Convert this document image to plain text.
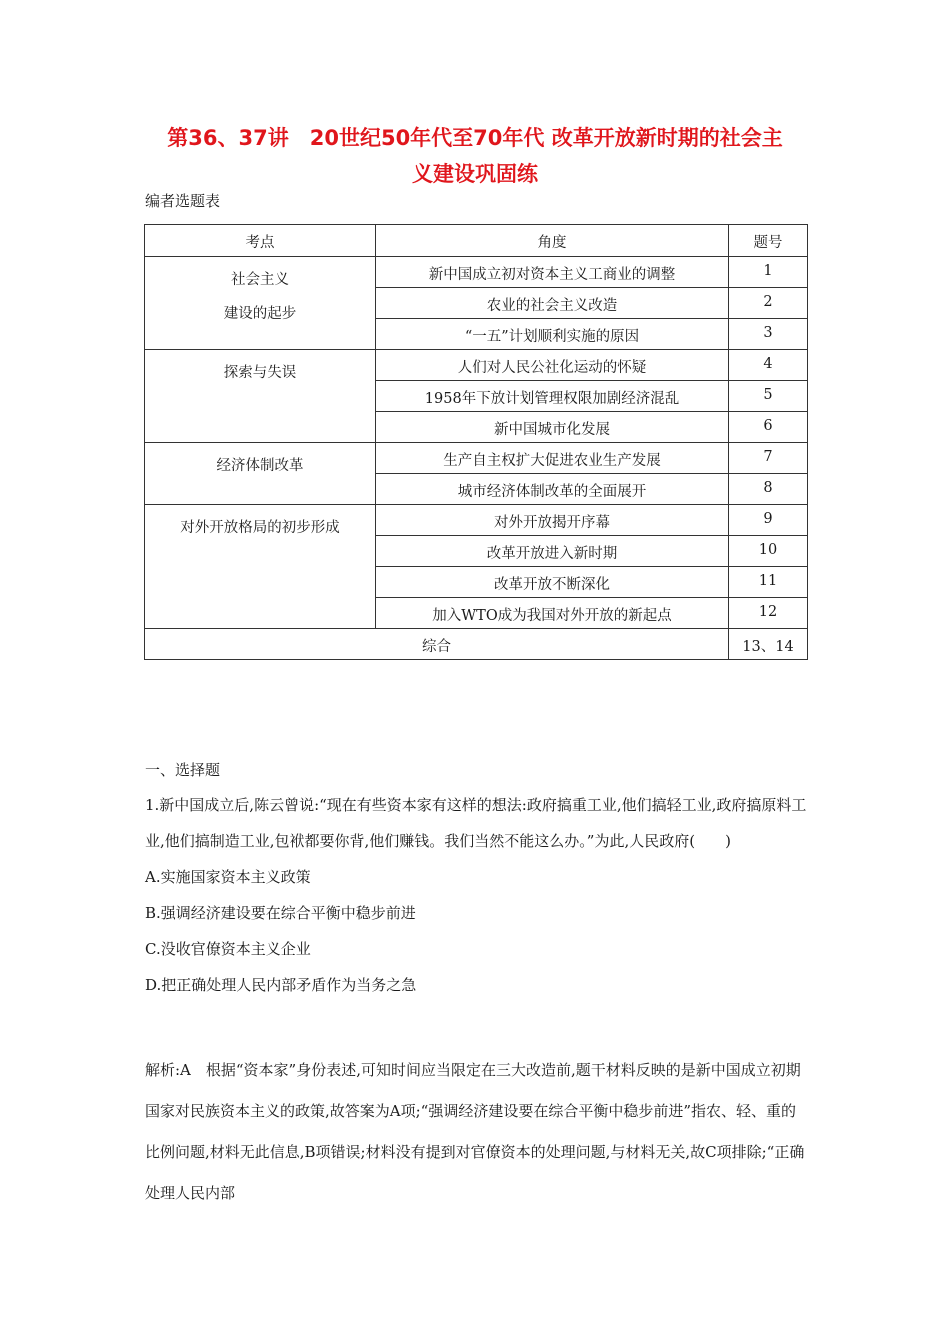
第36、37讲　20世纪50年代至70年代 改革开放新时期的社会主
义建设巩固练
编者选题表
考点	角度	题号

社会主义
建设的起步	新中国成立初对资本主义工商业的调整	1
	农业的社会主义改造	2
	“一五”计划顺利实施的原因	3
探索与失误	人们对人民公社化运动的怀疑	4
	1958年下放计划管理权限加剧经济混乱	5
	新中国城市化发展	6
经济体制改革	生产自主权扩大促进农业生产发展	7
	城市经济体制改革的全面展开	8
对外开放格局的初步形成	对外开放揭开序幕	9
	改革开放进入新时期	10
	改革开放不断深化	11
	加入WTO成为我国对外开放的新起点	12
综合		13、14
一、选择题
1.新中国成立后,陈云曾说:“现在有些资本家有这样的想法:政府搞重工业,他们搞轻工业,政府搞原料工业,他们搞制造工业,包袱都要你背,他们赚钱。我们当然不能这么办。”为此,人民政府(　　)
A.实施国家资本主义政策
B.强调经济建设要在综合平衡中稳步前进
C.没收官僚资本主义企业
D.把正确处理人民内部矛盾作为当务之急
解析:A　根据“资本家”身份表述,可知时间应当限定在三大改造前,题干材料反映的是新中国成立初期国家对民族资本主义的政策,故答案为A项;“强调经济建设要在综合平衡中稳步前进”指农、轻、重的比例问题,材料无此信息,B项错误;材料没有提到对官僚资本的处理问题,与材料无关,故C项排除;“正确处理人民内部
